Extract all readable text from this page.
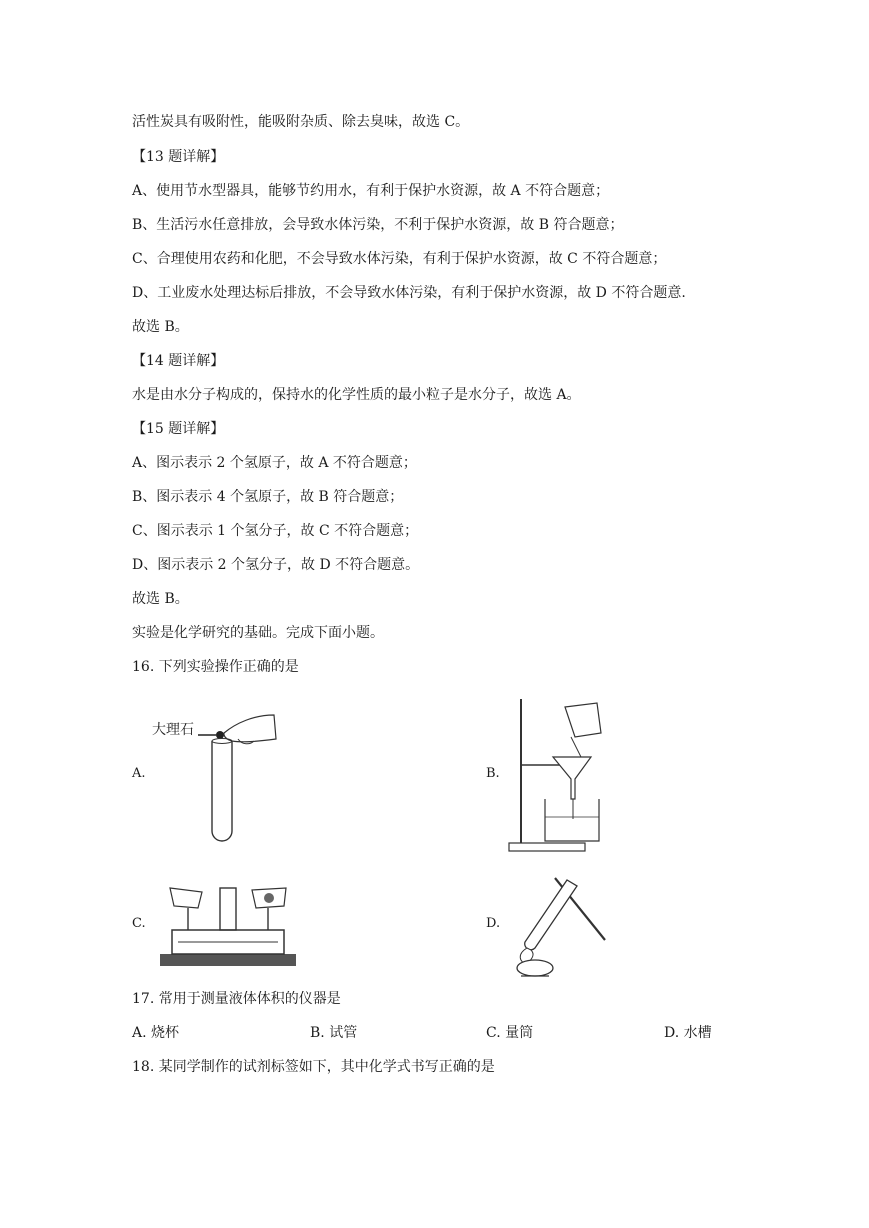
活性炭具有吸附性，能吸附杂质、除去臭味，故选 C。
【13 题详解】
A、使用节水型器具，能够节约用水，有利于保护水资源，故 A 不符合题意；
B、生活污水任意排放，会导致水体污染，不利于保护水资源，故 B 符合题意；
C、合理使用农药和化肥，不会导致水体污染，有利于保护水资源，故 C 不符合题意；
D、工业废水处理达标后排放，不会导致水体污染，有利于保护水资源，故 D 不符合题意.
故选 B。
【14 题详解】
水是由水分子构成的，保持水的化学性质的最小粒子是水分子，故选 A。
【15 题详解】
A、图示表示 2 个氢原子，故 A 不符合题意；
B、图示表示 4 个氢原子，故 B 符合题意；
C、图示表示 1 个氢分子，故 C 不符合题意；
D、图示表示 2 个氢分子，故 D 不符合题意。
故选 B。
实验是化学研究的基础。完成下面小题。
16. 下列实验操作正确的是
A.	B.
C.	D.
大理石
17. 常用于测量液体体积的仪器是
A. 烧杯	B. 试管	C. 量筒	D. 水槽
18. 某同学制作的试剂标签如下，其中化学式书写正确的是
